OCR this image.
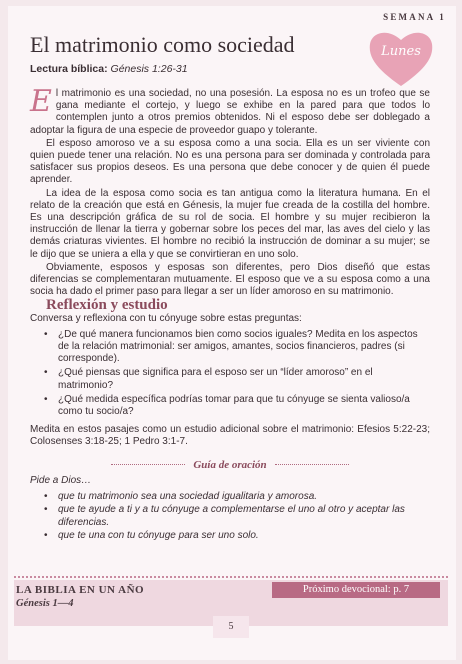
SEMANA 1
Lunes
El matrimonio como sociedad
Lectura bíblica: Génesis 1:26-31

El matrimonio es una sociedad, no una posesión. La esposa no es un trofeo que se gana mediante el cortejo, y luego se exhibe en la pared para que todos lo contemplen junto a otros premios obtenidos. Ni el esposo debe ser doblegado a adoptar la figura de una especie de proveedor guapo y tolerante.

El esposo amoroso ve a su esposa como a una socia. Ella es un ser viviente con quien puede tener una relación. No es una persona para ser dominada y controlada para satisfacer sus propios deseos. Es una persona que debe conocer y de quien él puede aprender.

La idea de la esposa como socia es tan antigua como la literatura humana. En el relato de la creación que está en Génesis, la mujer fue creada de la costilla del hombre. Es una descripción gráfica de su rol de socia. El hombre y su mujer recibieron la instrucción de llenar la tierra y gobernar sobre los peces del mar, las aves del cielo y las demás criaturas vivientes. El hombre no recibió la instrucción de dominar a su mujer; se le dijo que se uniera a ella y que se convirtieran en uno solo.

Obviamente, esposos y esposas son diferentes, pero Dios diseñó que estas diferencias se complementaran mutuamente. El esposo que ve a su esposa como a una socia ha dado el primer paso para llegar a ser un líder amoroso en su matrimonio.

Reflexión y estudio

Conversa y reflexiona con tu cónyuge sobre estas preguntas:

• ¿De qué manera funcionamos bien como socios iguales? Medita en los aspectos de la relación matrimonial: ser amigos, amantes, socios financieros, padres (si corresponde).
• ¿Qué piensas que significa para el esposo ser un “líder amoroso” en el matrimonio?
• ¿Qué medida específica podrías tomar para que tu cónyuge se sienta valioso/a como tu socio/a?

Medita en estos pasajes como un estudio adicional sobre el matrimonio: Efesios 5:22-23; Colosenses 3:18-25; 1 Pedro 3:1-7.

Guía de oración

Pide a Dios…

• que tu matrimonio sea una sociedad igualitaria y amorosa.
• que te ayude a ti y a tu cónyuge a complementarse el uno al otro y aceptar las diferencias.
• que te una con tu cónyuge para ser uno solo.
LA BIBLIA EN UN AÑO
Génesis 1—4
Próximo devocional: p. 7
5
